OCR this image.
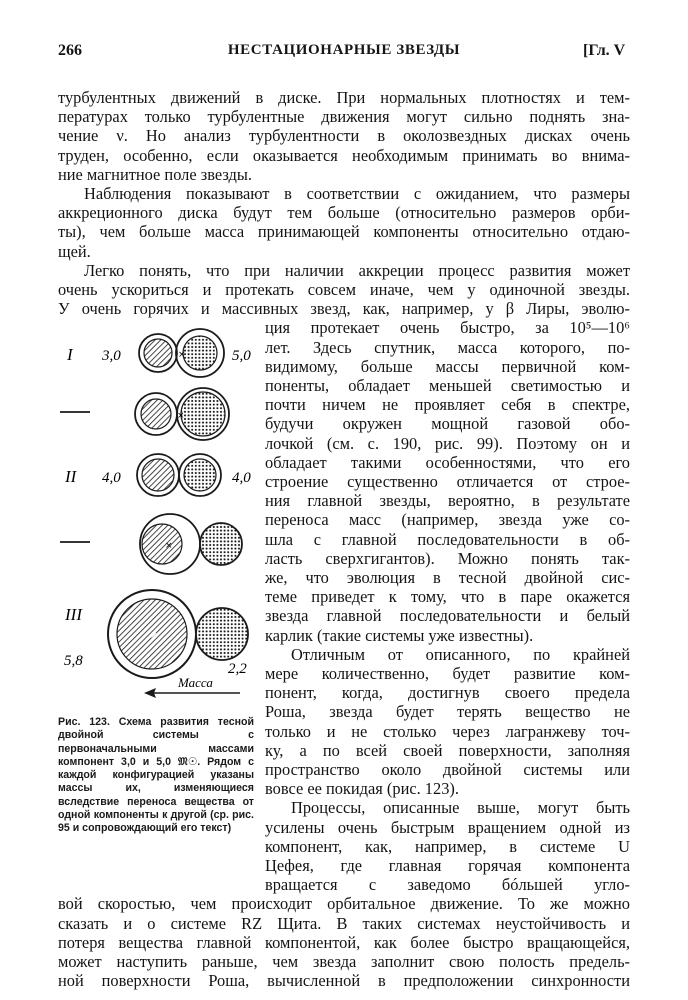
266	НЕСТАЦИОНАРНЫЕ ЗВЕЗДЫ	[Гл. V
турбулентных движений в диске. При нормальных плотностях и тем-
пературах только турбулентные движения могут сильно поднять зна-
чение ν. Но анализ турбулентности в околозвездных дисках очень
труден, особенно, если оказывается необходимым принимать во внима-
ние магнитное поле звезды.
Наблюдения показывают в соответствии с ожиданием, что размеры
аккреционного диска будут тем больше (относительно размеров орби-
ты), чем больше масса принимающей компоненты относительно отдаю-
щей.
Легко понять, что при наличии аккреции процесс развития может
очень ускориться и протекать совсем иначе, чем у одиночной звезды.
У очень горячих и массивных звезд, как, например, у β Лиры, эволю-
ция протекает очень быстро, за 10⁵—10⁶
лет. Здесь спутник, масса которого, по-
видимому, больше массы первичной ком-
поненты, обладает меньшей светимостью и
почти ничем не проявляет себя в спектре,
будучи окружен мощной газовой обо-
лочкой (см. с. 190, рис. 99). Поэтому он и
обладает такими особенностями, что его
строение существенно отличается от строе-
ния главной звезды, вероятно, в результате
переноса масс (например, звезда уже со-
шла с главной последовательности в об-
ласть сверхгигантов). Можно понять так-
же, что эволюция в тесной двойной сис-
теме приведет к тому, что в паре окажется
звезда главной последовательности и белый
карлик (такие системы уже известны).
Отличным от описанного, по крайней
мере количественно, будет развитие ком-
понент, когда, достигнув своего предела
Роша, звезда будет терять вещество не
только и не столько через лагранжеву точ-
ку, а по всей своей поверхности, заполняя
пространство около двойной системы или
вовсе ее покидая (рис. 123).
Процессы, описанные выше, могут быть
усилены очень быстрым вращением одной из
компонент, как, например, в системе U
Цефея, где главная горячая компонента
вращается с заведомо бóльшей угло-
вой скоростью, чем происходит орбитальное движение. То же можно
сказать и о системе RZ Щита. В таких системах неустойчивость и
потеря вещества главной компонентой, как более быстро вращающейся,
может наступить раньше, чем звезда заполнит свою полость предель-
ной поверхности Роша, вычисленной в предположении синхронности
I 3,0	×	5,0
×
II 4,0	4,0
×
III
×
5,8	2,2
Масса
Рис. 123. Схема развития тесной двойной системы с первоначальными массами компонент 3,0 и 5,0 𝔐☉. Рядом с каждой конфигурацией указаны массы их, изменяющиеся вследствие переноса вещества от одной компоненты к другой (ср. рис. 95 и сопровождающий его текст)
